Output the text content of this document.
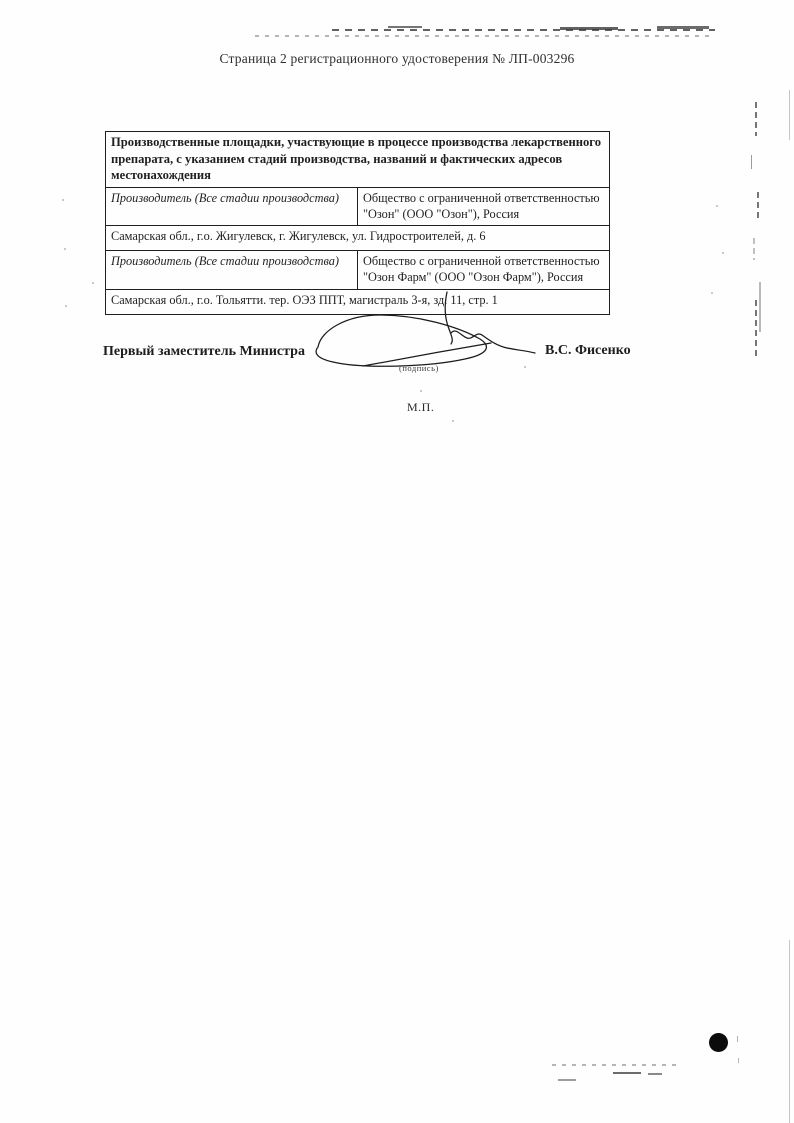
Страница 2 регистрационного удостоверения № ЛП-003296
Производственные площадки, участвующие в процессе производства лекарственного препарата, с указанием стадий производства, названий и фактических адресов местонахождения	
Производитель (Все стадии производства)	Общество с ограниченной ответственностью "Озон" (ООО "Озон"), Россия
Самарская обл., г.о. Жигулевск, г. Жигулевск, ул. Гидростроителей, д. 6	
Производитель (Все стадии производства)	Общество с ограниченной ответственностью "Озон Фарм" (ООО "Озон Фарм"), Россия
Самарская обл., г.о. Тольятти. тер. ОЭЗ ППТ, магистраль 3-я, зд. 11, стр. 1	
Первый заместитель Министра
(подпись)
В.С. Фисенко
М.П.
